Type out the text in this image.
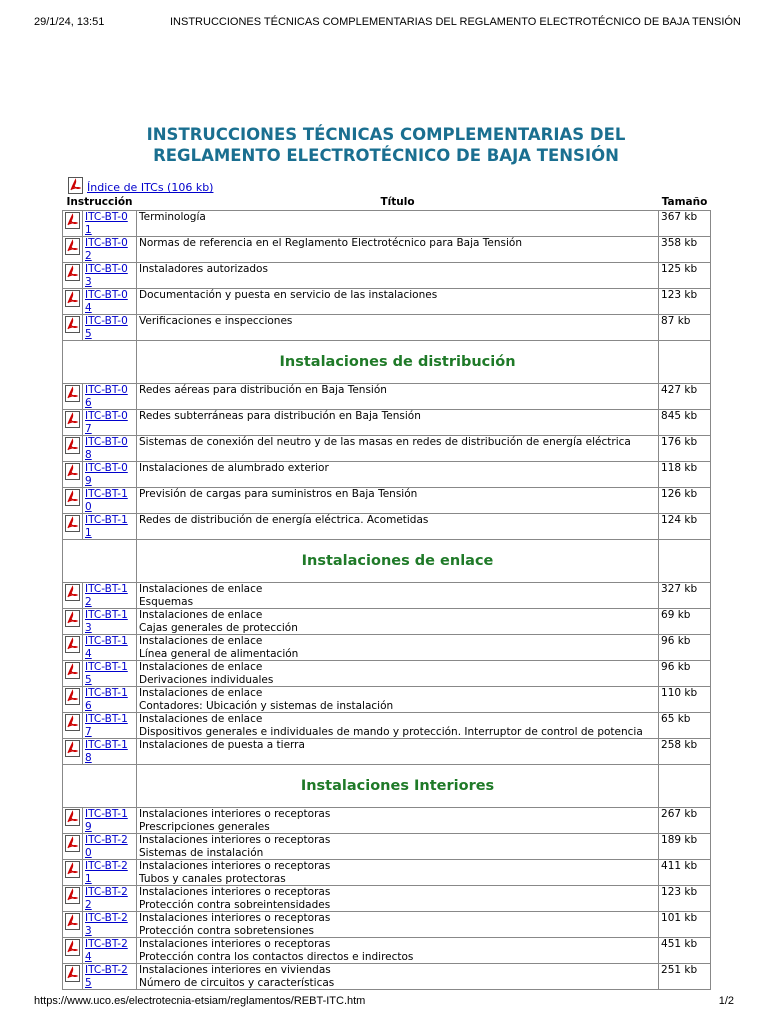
29/1/24, 13:51	INSTRUCCIONES TÉCNICAS COMPLEMENTARIAS DEL REGLAMENTO ELECTROTÉCNICO DE BAJA TENSIÓN
INSTRUCCIONES TÉCNICAS COMPLEMENTARIAS DEL REGLAMENTO ELECTROTÉCNICO DE BAJA TENSIÓN
Índice de ITCs (106 kb)
Instrucción		Título	Tamaño

ITC-BT-01	Terminología	367 kb

ITC-BT-02	Normas de referencia en el Reglamento Electrotécnico para Baja Tensión	358 kb

ITC-BT-03	Instaladores autorizados	125 kb

ITC-BT-04	Documentación y puesta en servicio de las instalaciones	123 kb

ITC-BT-05	Verificaciones e inspecciones	87 kb
		Instalaciones de distribución	

ITC-BT-06	Redes aéreas para distribución en Baja Tensión	427 kb

ITC-BT-07	Redes subterráneas para distribución en Baja Tensión	845 kb

ITC-BT-08	Sistemas de conexión del neutro y de las masas en redes de distribución de energía eléctrica	176 kb

ITC-BT-09	Instalaciones de alumbrado exterior	118 kb

ITC-BT-10	Previsión de cargas para suministros en Baja Tensión	126 kb

ITC-BT-11	Redes de distribución de energía eléctrica. Acometidas	124 kb
		Instalaciones de enlace	

ITC-BT-12	Instalaciones de enlace
Esquemas	327 kb

ITC-BT-13	Instalaciones de enlace
Cajas generales de protección	69 kb

ITC-BT-14	Instalaciones de enlace
Línea general de alimentación	96 kb

ITC-BT-15	Instalaciones de enlace
Derivaciones individuales	96 kb

ITC-BT-16	Instalaciones de enlace
Contadores: Ubicación y sistemas de instalación	110 kb

ITC-BT-17	Instalaciones de enlace
Dispositivos generales e individuales de mando y protección. Interruptor de control de potencia	65 kb

ITC-BT-18	Instalaciones de puesta a tierra	258 kb
		Instalaciones Interiores	

ITC-BT-19	Instalaciones interiores o receptoras
Prescripciones generales	267 kb

ITC-BT-20	Instalaciones interiores o receptoras
Sistemas de instalación	189 kb

ITC-BT-21	Instalaciones interiores o receptoras
Tubos y canales protectoras	411 kb

ITC-BT-22	Instalaciones interiores o receptoras
Protección contra sobreintensidades	123 kb

ITC-BT-23	Instalaciones interiores o receptoras
Protección contra sobretensiones	101 kb

ITC-BT-24	Instalaciones interiores o receptoras
Protección contra los contactos directos e indirectos	451 kb

ITC-BT-25	Instalaciones interiores en viviendas
Número de circuitos y características	251 kb
https://www.uco.es/electrotecnia-etsiam/reglamentos/REBT-ITC.htm	1/2
